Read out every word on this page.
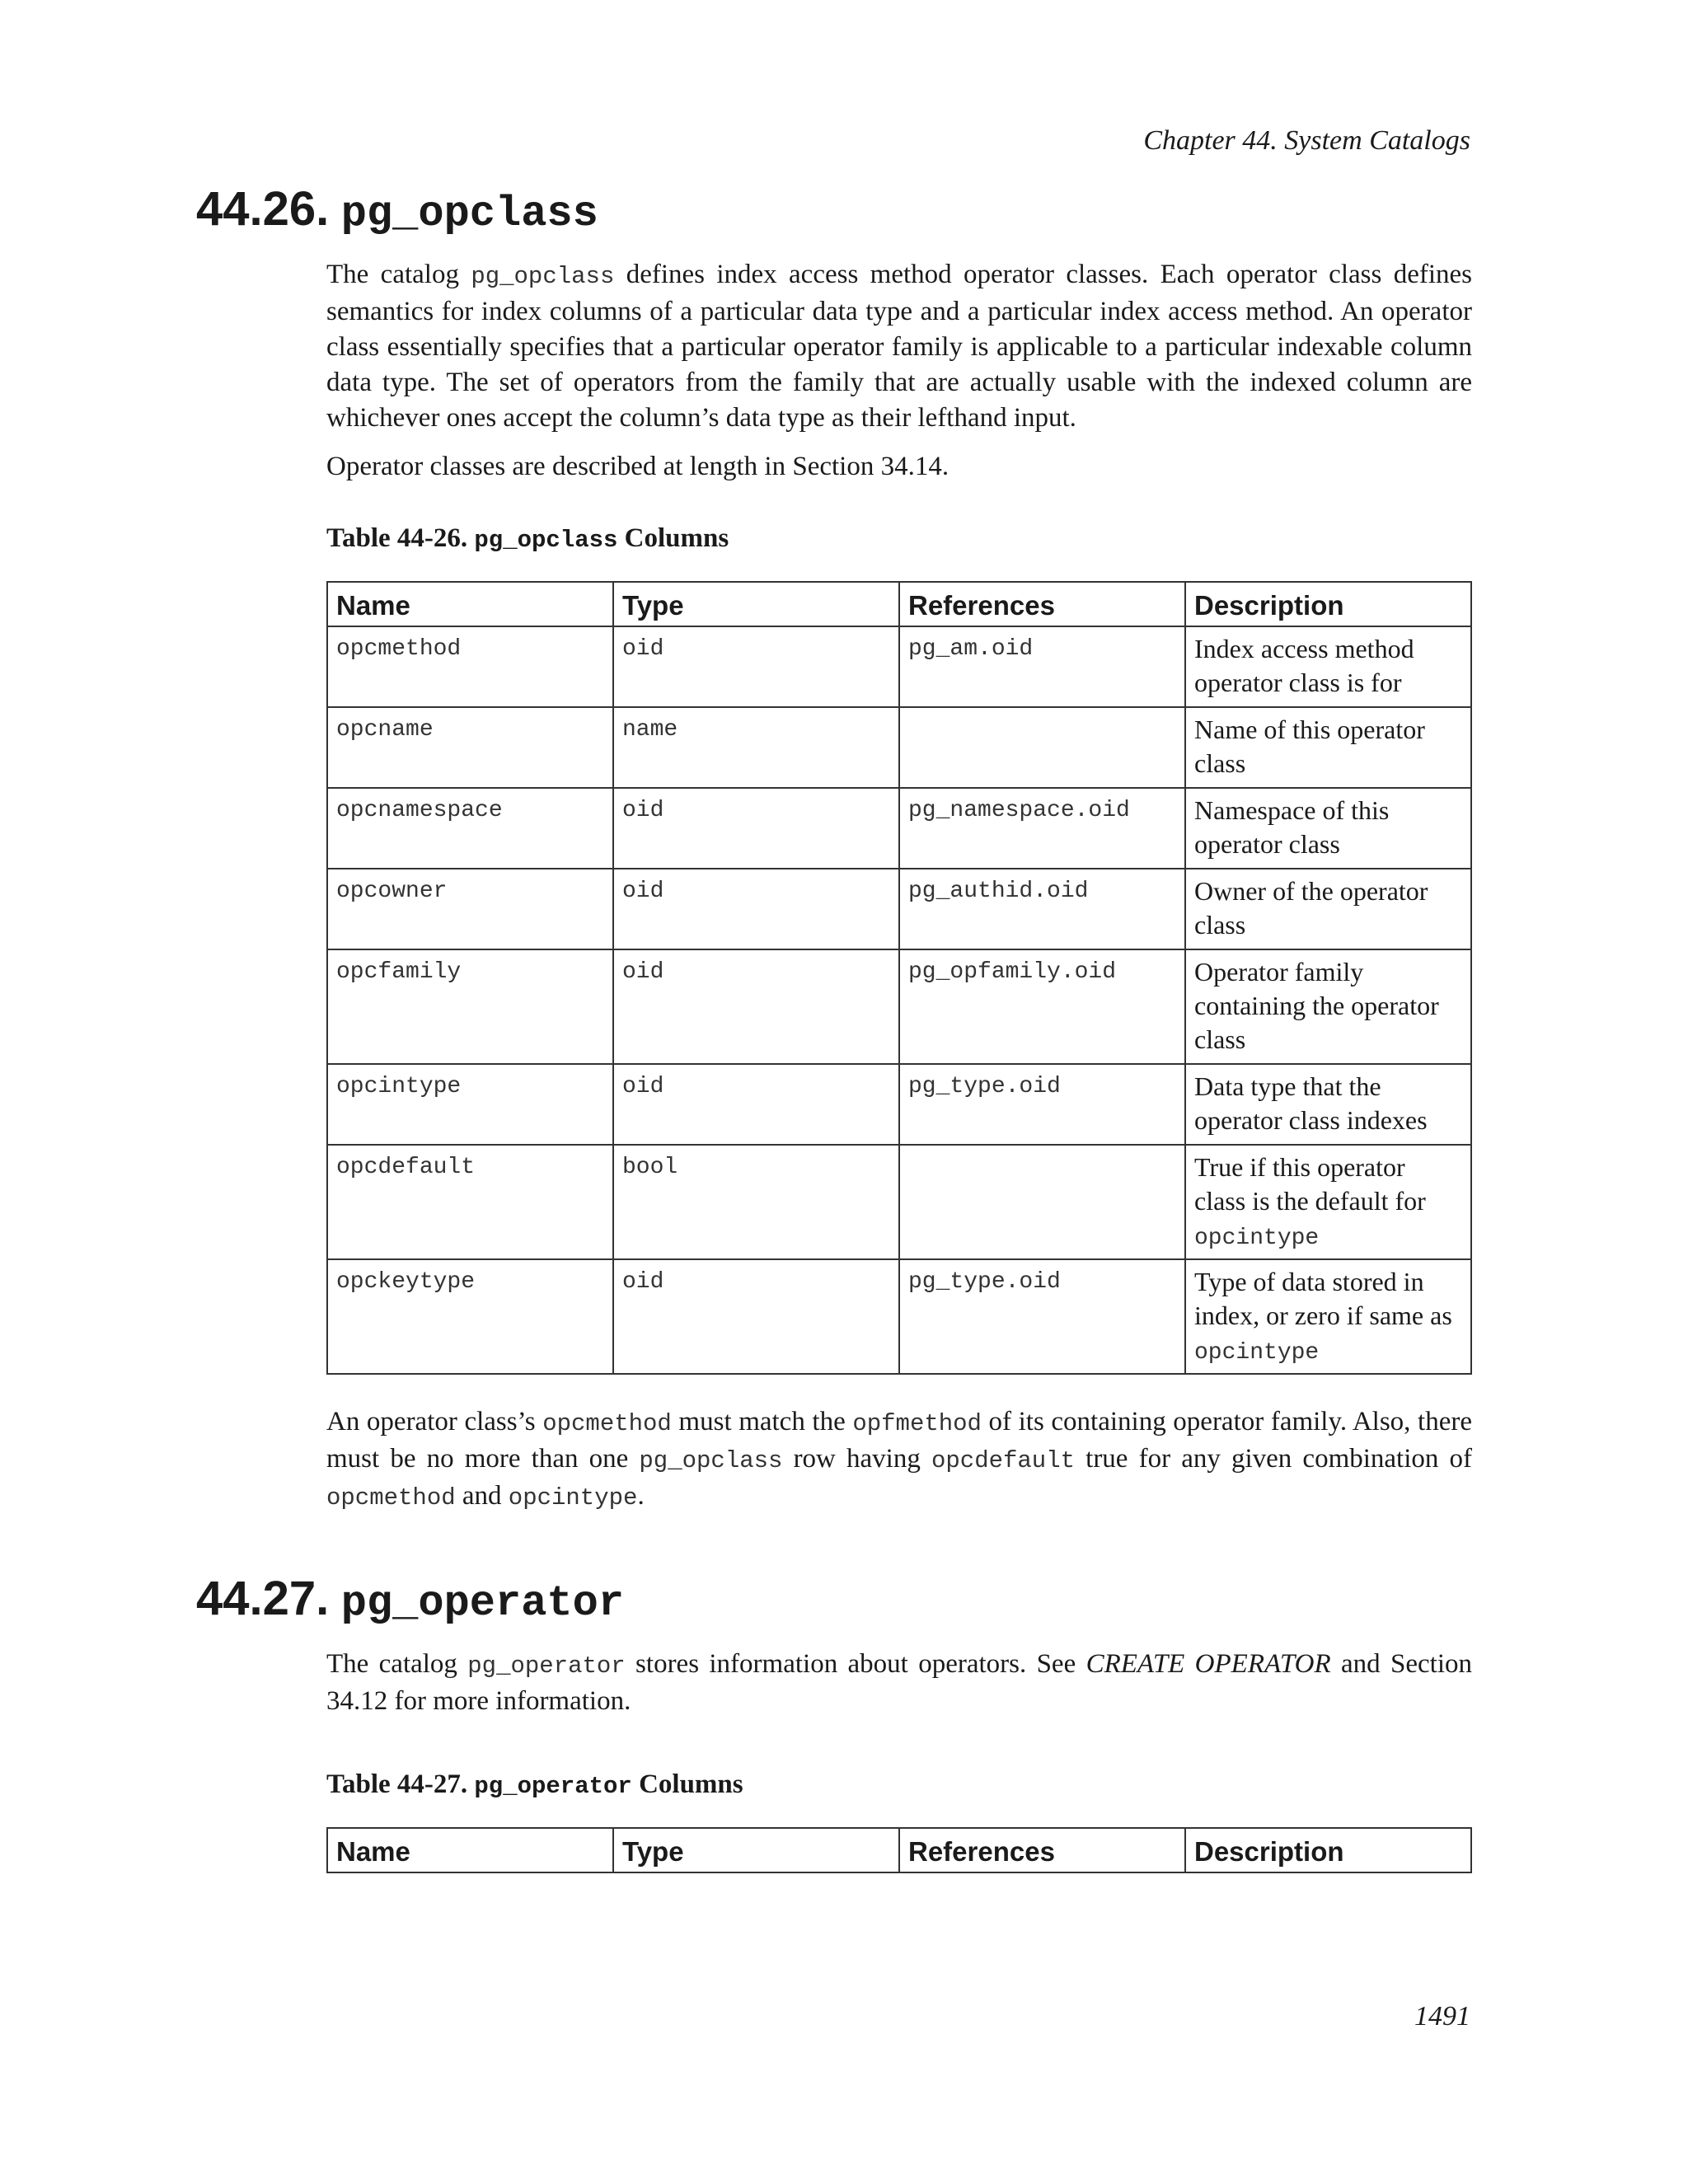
Chapter 44. System Catalogs
44.26. pg_opclass

The catalog pg_opclass defines index access method operator classes. Each operator class defines semantics for index columns of a particular data type and a particular index access method. An operator class essentially specifies that a particular operator family is applicable to a particular indexable column data type. The set of operators from the family that are actually usable with the indexed column are whichever ones accept the column’s data type as their lefthand input.

Operator classes are described at length in Section 34.14.

Table 44-26. pg_opclass Columns
Name	Type	References	Description
opcmethod	oid	pg_am.oid	Index access method operator class is for
opcname	name		Name of this operator class
opcnamespace	oid	pg_namespace.oid	Namespace of this operator class
opcowner	oid	pg_authid.oid	Owner of the operator class
opcfamily	oid	pg_opfamily.oid	Operator family containing the operator class
opcintype	oid	pg_type.oid	Data type that the operator class indexes
opcdefault	bool		True if this operator class is the default for opcintype
opckeytype	oid	pg_type.oid	Type of data stored in index, or zero if same as opcintype

An operator class’s opcmethod must match the opfmethod of its containing operator family. Also, there must be no more than one pg_opclass row having opcdefault true for any given combination of opcmethod and opcintype.

44.27. pg_operator

The catalog pg_operator stores information about operators. See CREATE OPERATOR and Section 34.12 for more information.

Table 44-27. pg_operator Columns
Name	Type	References	Description
1491
